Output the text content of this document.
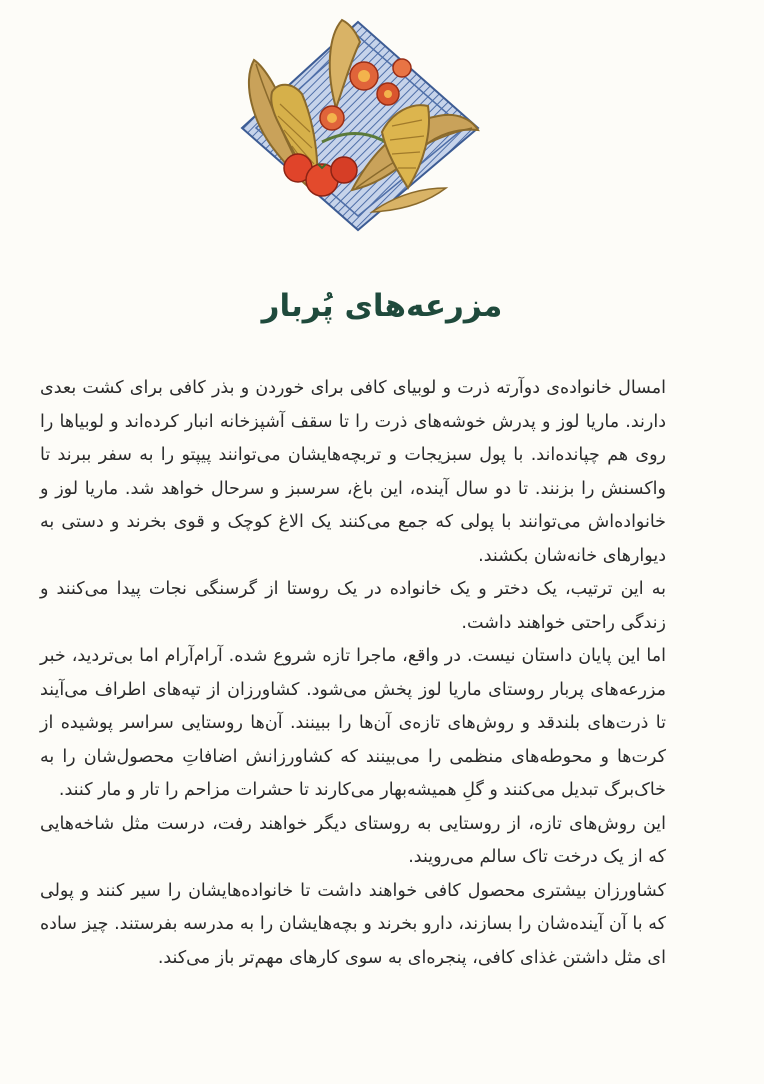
مزرعه‌های پُربار

امسال خانواده‌ی دوآرته ذرت و لوبیای کافی برای خوردن و بذر کافی برای کشت بعدی دارند. ماریا لوز و پدرش خوشه‌های ذرت را تا سقف آشپزخانه انبار کرده‌اند و لوبیاها را روی هم چپانده‌اند. با پول سبزیجات و تربچه‌هایشان می‌توانند پیپتو را به سفر ببرند تا واکسنش را بزنند. تا دو سال آینده، این باغ، سرسبز و سرحال خواهد شد. ماریا لوز و خانواده‌اش می‌توانند با پولی که جمع می‌کنند یک الاغ کوچک و قوی بخرند و دستی به دیوارهای خانه‌شان بکشند.

به این ترتیب، یک دختر و یک خانواده در یک روستا از گرسنگی نجات پیدا می‌کنند و زندگی راحتی خواهند داشت.

اما این پایان داستان نیست. در واقع، ماجرا تازه شروع شده. آرام‌آرام اما بی‌تردید، خبر مزرعه‌های پربار روستای ماریا لوز پخش می‌شود. کشاورزان از تپه‌های اطراف می‌آیند تا ذرت‌های بلندقد و روش‌های تازه‌ی آن‌ها را ببینند. آن‌ها روستایی سراسر پوشیده از کرت‌ها و محوطه‌های منظمی را می‌بینند که کشاورزانش اضافاتِ محصول‌شان را به خاک‌برگ تبدیل می‌کنند و گلِ همیشه‌بهار می‌کارند تا حشرات مزاحم را تار و مار کنند.

این روش‌های تازه، از روستایی به روستای دیگر خواهند رفت، درست مثل شاخه‌هایی که از یک درخت تاک سالم می‌رویند.

کشاورزان بیشتری محصول کافی خواهند داشت تا خانواده‌هایشان را سیر کنند و پولی که با آن آینده‌شان را بسازند، دارو بخرند و بچه‌هایشان را به مدرسه بفرستند. چیز ساده ای مثل داشتن غذای کافی، پنجره‌ای به سوی کارهای مهم‌تر باز می‌کند.
